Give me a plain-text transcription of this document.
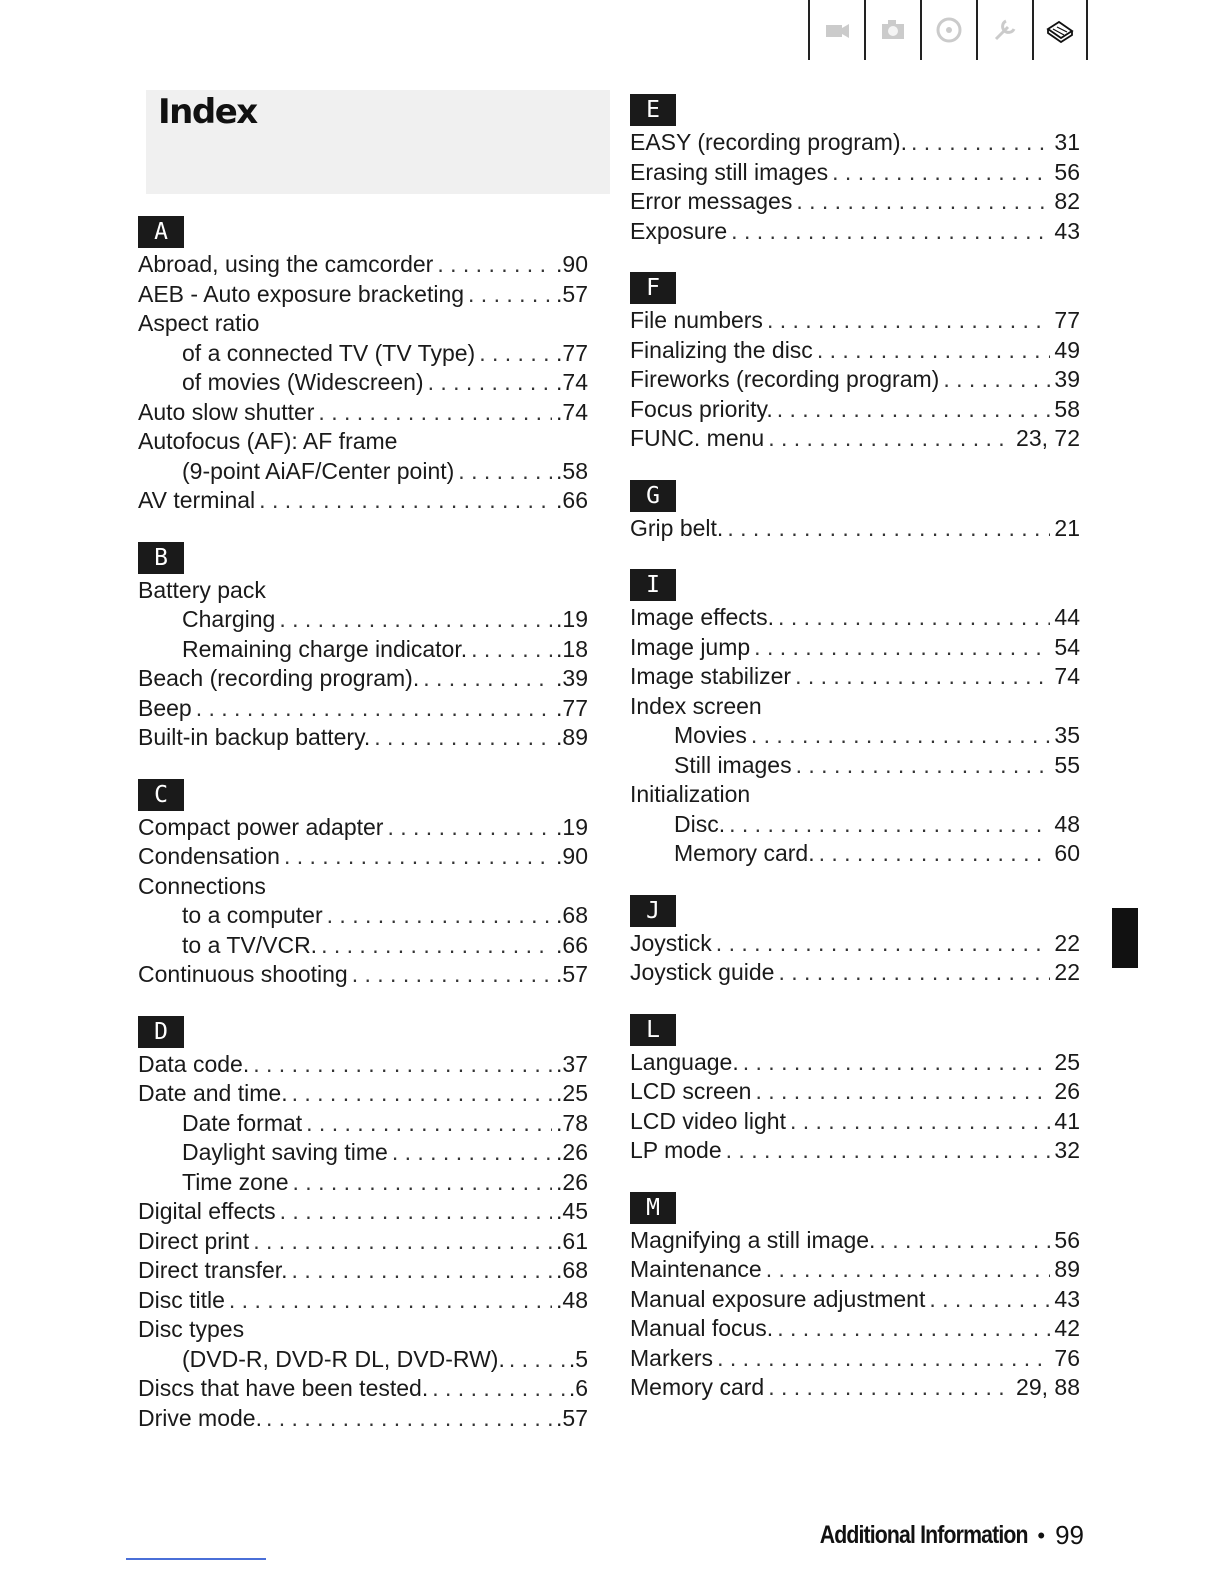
Index
A
Abroad, using the camcorder . . .	.90
AEB - Auto exposure bracketing . . .	.57
Aspect ratio
of a connected TV (TV Type) . . .	.77
of movies (Widescreen) . . .	.74
Auto slow shutter . . .	.74
Autofocus (AF): AF frame
(9-point AiAF/Center point) . . .	.58
AV terminal . . .	.66
B
Battery pack
Charging . . .	.19
Remaining charge indicator. . . .	.18
Beach (recording program). . . .	.39
Beep . . .	.77
Built-in backup battery. . . .	.89
C
Compact power adapter . . .	.19
Condensation . . .	.90
Connections
to a computer . . .	.68
to a TV/VCR. . . .	.66
Continuous shooting . . .	.57
D
Data code. . . .	.37
Date and time. . . .	.25
Date format . . .	.78
Daylight saving time . . .	.26
Time zone . . .	.26
Digital effects . . .	.45
Direct print . . .	.61
Direct transfer. . . .	.68
Disc title . . .	.48
Disc types
(DVD-R, DVD-R DL, DVD-RW). . . .	.5
Discs that have been tested. . . .	.6
Drive mode. . . .	.57
E
EASY (recording program). . . .	31
Erasing still images . . .	56
Error messages . . .	82
Exposure . . .	43
F
File numbers . . .	77
Finalizing the disc . . .	49
Fireworks (recording program) . . .	39
Focus priority. . . .	58
FUNC. menu . . .	23, 72
G
Grip belt. . . .	21
I
Image effects. . . .	44
Image jump . . .	54
Image stabilizer . . .	74
Index screen
Movies . . .	35
Still images . . .	55
Initialization
Disc. . . .	48
Memory card. . . .	60
J
Joystick . . .	22
Joystick guide . . .	22
L
Language. . . .	25
LCD screen . . .	26
LCD video light . . .	41
LP mode . . .	32
M
Magnifying a still image. . . .	56
Maintenance . . .	89
Manual exposure adjustment . . .	43
Manual focus. . . .	42
Markers . . .	76
Memory card . . .	29, 88
Additional Information • 99
